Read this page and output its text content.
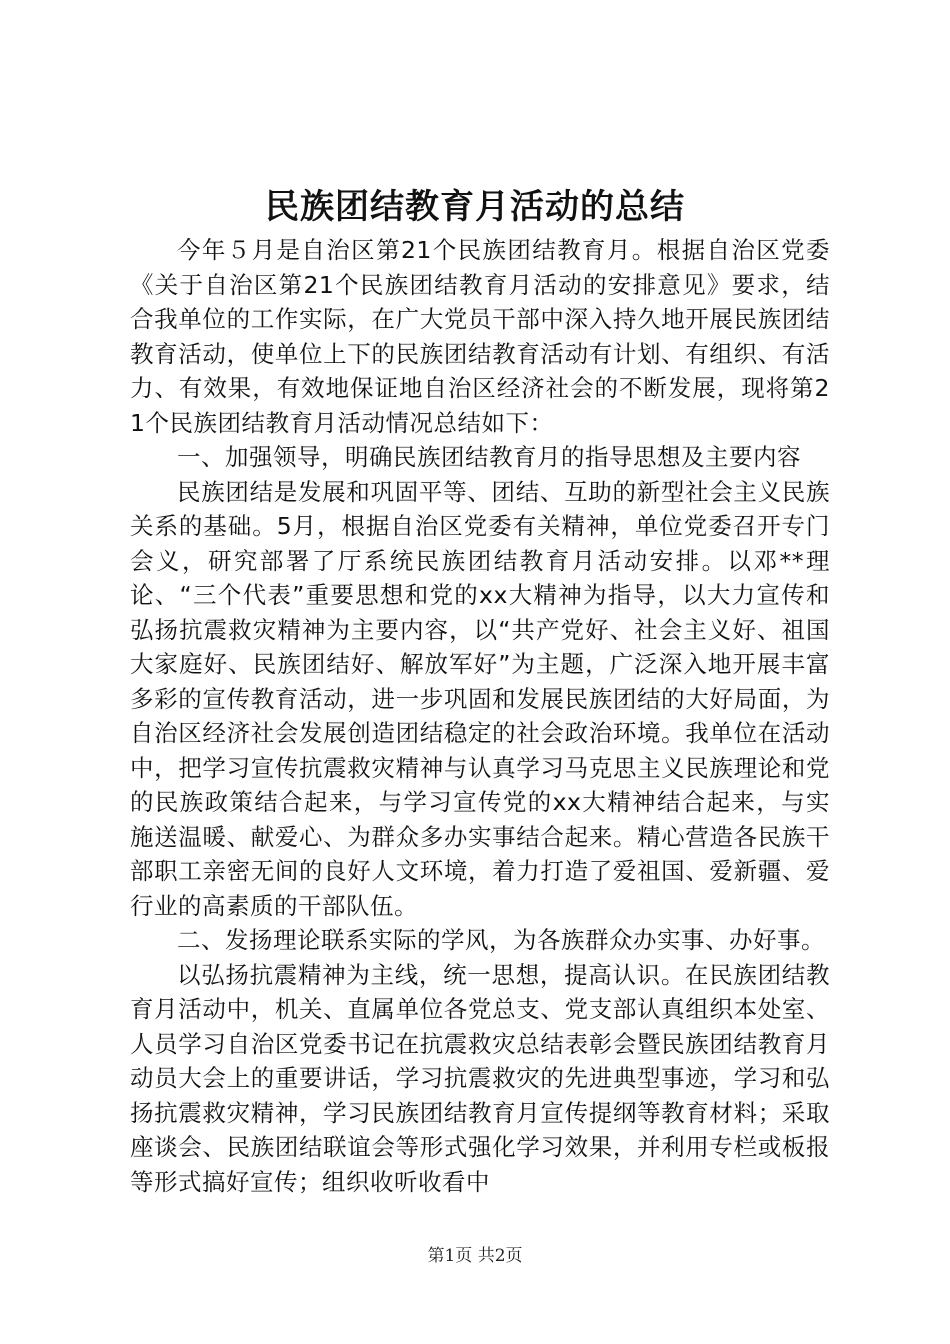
民族团结教育月活动的总结

今年５月是自治区第21个民族团结教育月。根据自治区党委《关于自治区第21个民族团结教育月活动的安排意见》要求，结合我单位的工作实际，在广大党员干部中深入持久地开展民族团结教育活动，使单位上下的民族团结教育活动有计划、有组织、有活力、有效果，有效地保证地自治区经济社会的不断发展，现将第21个民族团结教育月活动情况总结如下：

一、加强领导，明确民族团结教育月的指导思想及主要内容

民族团结是发展和巩固平等、团结、互助的新型社会主义民族关系的基础。5月，根据自治区党委有关精神，单位党委召开专门会义，研究部署了厅系统民族团结教育月活动安排。以邓**理论、“三个代表”重要思想和党的xx大精神为指导，以大力宣传和弘扬抗震救灾精神为主要内容，以“共产党好、社会主义好、祖国大家庭好、民族团结好、解放军好”为主题，广泛深入地开展丰富多彩的宣传教育活动，进一步巩固和发展民族团结的大好局面，为自治区经济社会发展创造团结稳定的社会政治环境。我单位在活动中，把学习宣传抗震救灾精神与认真学习马克思主义民族理论和党的民族政策结合起来，与学习宣传党的xx大精神结合起来，与实施送温暖、献爱心、为群众多办实事结合起来。精心营造各民族干部职工亲密无间的良好人文环境，着力打造了爱祖国、爱新疆、爱行业的高素质的干部队伍。

二、发扬理论联系实际的学风，为各族群众办实事、办好事。

以弘扬抗震精神为主线，统一思想，提高认识。在民族团结教育月活动中，机关、直属单位各党总支、党支部认真组织本处室、人员学习自治区党委书记在抗震救灾总结表彰会暨民族团结教育月动员大会上的重要讲话，学习抗震救灾的先进典型事迹，学习和弘扬抗震救灾精神，学习民族团结教育月宣传提纲等教育材料；采取座谈会、民族团结联谊会等形式强化学习效果，并利用专栏或板报等形式搞好宣传；组织收听收看中

第1页 共2页
